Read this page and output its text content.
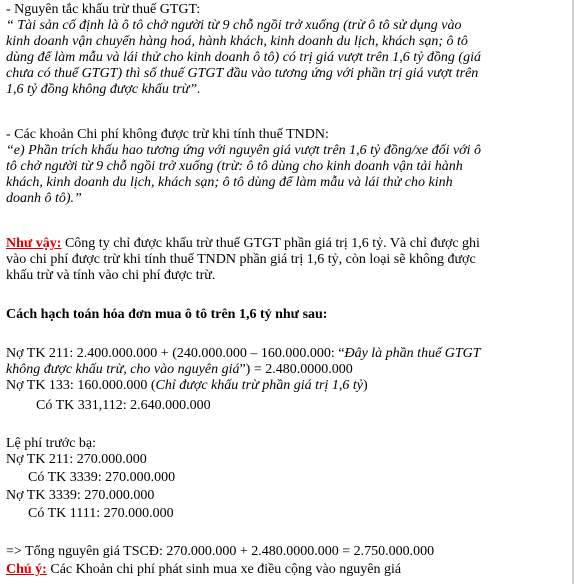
- Nguyên tắc khấu trừ thuế GTGT:
“ Tài sản cố định là ô tô chở người từ 9 chỗ ngồi trở xuống (trừ ô tô sử dụng vào
kinh doanh vận chuyển hàng hoá, hành khách, kinh doanh du lịch, khách sạn; ô tô
dùng để làm mẫu và lái thử cho kinh doanh ô tô) có trị giá vượt trên 1,6 tỷ đồng (giá
chưa có thuế GTGT) thì số thuế GTGT đầu vào tương ứng với phần trị giá vượt trên
1,6 tỷ đồng không được khấu trừ”.
- Các khoản Chi phí không được trừ khi tính thuế TNDN:
“e) Phần trích khấu hao tương ứng với nguyên giá vượt trên 1,6 tỷ đồng/xe đối với ô
tô chở người từ 9 chỗ ngồi trở xuống (trừ: ô tô dùng cho kinh doanh vận tải hành
khách, kinh doanh du lịch, khách sạn; ô tô dùng để làm mẫu và lái thử cho kinh
doanh ô tô).”
Như vậy: Công ty chỉ được khấu trừ thuế GTGT phần giá trị 1,6 tỷ. Và chỉ được ghi
vào chi phí được trừ khi tính thuế TNDN phần giá trị 1,6 tỷ, còn loại sẽ không được
khấu trừ và tính vào chi phí được trừ.
Cách hạch toán hóa đơn mua ô tô trên 1,6 tỷ như sau:
Nợ TK 211: 2.400.000.000 + (240.000.000 – 160.000.000: “Đây là phần thuế GTGT
không được khấu trừ, cho vào nguyên giá”) = 2.480.0000.000
Nợ TK 133: 160.000.000 (Chỉ được khấu trừ phần giá trị 1,6 tỷ)
Có TK 331,112: 2.640.000.000
Lệ phí trước bạ:
Nợ TK 211: 270.000.000
Có TK 3339: 270.000.000
Nợ TK 3339: 270.000.000
Có TK 1111: 270.000.000
=> Tổng nguyên giá TSCĐ: 270.000.000 + 2.480.0000.000 = 2.750.000.000
Chú ý: Các Khoản chi phí phát sinh mua xe điều cộng vào nguyên giá
